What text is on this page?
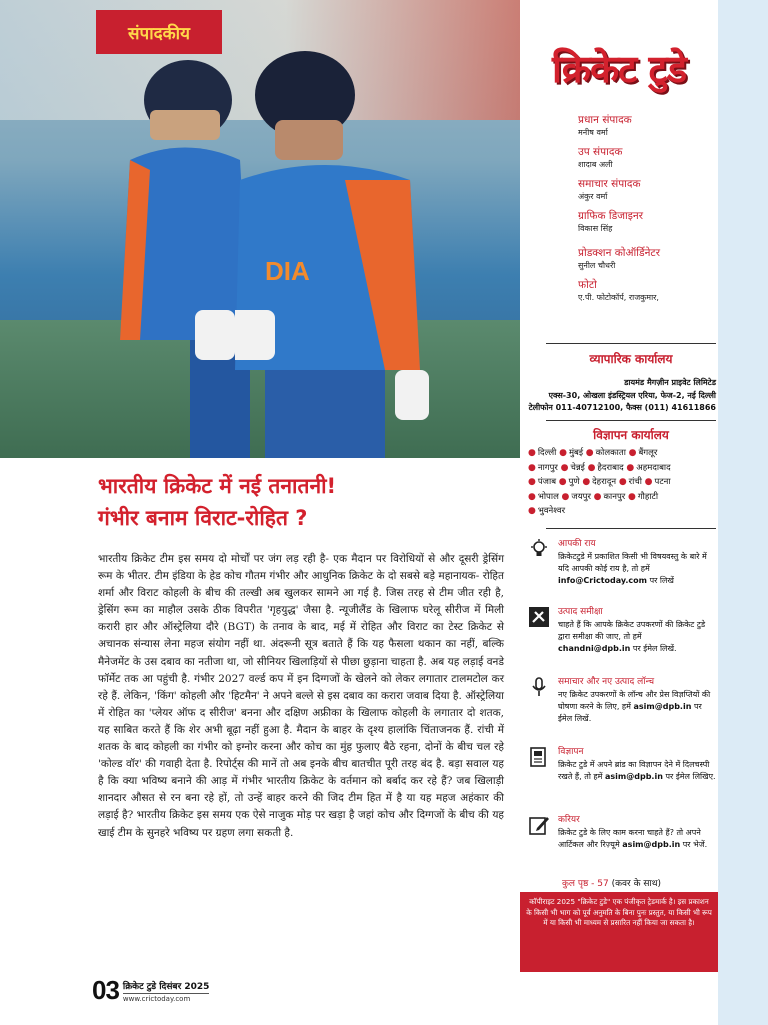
DIA
संपादकीय
भारतीय क्रिकेट में नई तनातनी!
गंभीर बनाम विराट-रोहित ?

भारतीय क्रिकेट टीम इस समय दो मोर्चों पर जंग लड़ रही है- एक मैदान पर विरोधियों से और दूसरी ड्रेसिंग रूम के भीतर. टीम इंडिया के हेड कोच गौतम गंभीर और आधुनिक क्रिकेट के दो सबसे बड़े महानायक- रोहित शर्मा और विराट कोहली के बीच की तल्खी अब खुलकर सामने आ गई है. जिस तरह से टीम जीत रही है, ड्रेसिंग रूम का माहौल उसके ठीक विपरीत 'गृहयुद्ध' जैसा है. न्यूजीलैंड के खिलाफ घरेलू सीरीज में मिली करारी हार और ऑस्ट्रेलिया दौरे (BGT) के तनाव के बाद, मई में रोहित और विराट का टेस्ट क्रिकेट से अचानक संन्यास लेना महज संयोग नहीं था. अंदरूनी सूत्र बताते हैं कि यह फैसला थकान का नहीं, बल्कि मैनेजमेंट के उस दबाव का नतीजा था, जो सीनियर खिलाड़ियों से पीछा छुड़ाना चाहता है. अब यह लड़ाई वनडे फॉर्मेट तक आ पहुंची है. गंभीर 2027 वर्ल्ड कप में इन दिग्गजों के खेलने को लेकर लगातार टालमटोल कर रहे हैं. लेकिन, 'किंग' कोहली और 'हिटमैन' ने अपने बल्ले से इस दबाव का करारा जवाब दिया है. ऑस्ट्रेलिया में रोहित का 'प्लेयर ऑफ द सीरीज' बनना और दक्षिण अफ्रीका के खिलाफ कोहली के लगातार दो शतक, यह साबित करते हैं कि शेर अभी बूढ़ा नहीं हुआ है. मैदान के बाहर के दृश्य हालांकि चिंताजनक हैं. रांची में शतक के बाद कोहली का गंभीर को इग्नोर करना और कोच का मुंह फुलाए बैठे रहना, दोनों के बीच चल रहे 'कोल्ड वॉर' की गवाही देता है. रिपोर्ट्स की मानें तो अब इनके बीच बातचीत पूरी तरह बंद है. बड़ा सवाल यह है कि क्या भविष्य बनाने की आड़ में गंभीर भारतीय क्रिकेट के वर्तमान को बर्बाद कर रहे हैं? जब खिलाड़ी शानदार औसत से रन बना रहे हों, तो उन्हें बाहर करने की जिद टीम हित में है या यह महज अहंकार की लड़ाई है? भारतीय क्रिकेट इस समय एक ऐसे नाजुक मोड़ पर खड़ा है जहां कोच और दिग्गजों के बीच की यह खाई टीम के सुनहरे भविष्य पर ग्रहण लगा सकती है.

03 क्रिकेट टुडे दिसंबर 2025
www.crictoday.com
क्रिकेट टुडे
प्रधान संपादक
मनीष वर्मा
उप संपादक
शादाब अली
समाचार संपादक
अंकुर वर्मा
ग्राफिक डिजाइनर
विकास सिंह
प्रोडक्शन कोऑर्डिनेटर
सुनील चौधरी
फोटो
ए.पी. फोटोकॉर्प, राजकुमार,
व्यापारिक कार्यालय
डायमंड मैगज़ीन प्राइवेट लिमिटेड
एक्स-30, ओखला इंडस्ट्रियल एरिया, फेज-2, नई दिल्ली
टेलीफोन 011-40712100, फैक्स (011) 41611866
विज्ञापन कार्यालय
● दिल्ली ● मुंबई ● कोलकाता ● बैंगलूर
● नागपुर ● चेन्नई ● हैदराबाद ● अहमदाबाद
● पंजाब ● पुणे ● देहरादून ● रांची ● पटना
● भोपाल ● जयपुर ● कानपुर ● गौहाटी
● भुवनेश्वर
आपकी राय
क्रिकेटटुडे में प्रकाशित किसी भी विषयवस्तु के बारे में यदि आपकी कोई राय है, तो हमें info@Crictoday.com पर लिखें
उत्पाद समीक्षा
चाहते हैं कि आपके क्रिकेट उपकरणों की क्रिकेट टुडे द्वारा समीक्षा की जाए, तो हमें chandni@dpb.in पर ईमेल लिखें.
समाचार और नए उत्पाद लॉन्च
नए क्रिकेट उपकरणों के लॉन्च और प्रेस विज्ञप्तियों की घोषणा करने के लिए, हमें asim@dpb.in पर ईमेल लिखें.
विज्ञापन
क्रिकेट टुडे में अपने ब्रांड का विज्ञापन देने में दिलचस्पी रखते हैं, तो हमें asim@dpb.in पर ईमेल लिखिए.
करियर
क्रिकेट टुडे के लिए काम करना चाहते हैं? तो अपने आर्टिकल और रिज़्यूमे asim@dpb.in पर भेजें.
कुल पृष्ठ - 57 (कवर के साथ)
कॉपीराइट 2025 "क्रिकेट टुडे" एक पंजीकृत ट्रेडमार्क है। इस प्रकाशन के किसी भी भाग को पूर्व अनुमति के बिना पुनः प्रस्तुत, या किसी भी रूप में या किसी भी माध्यम से प्रसारित नहीं किया जा सकता है।
